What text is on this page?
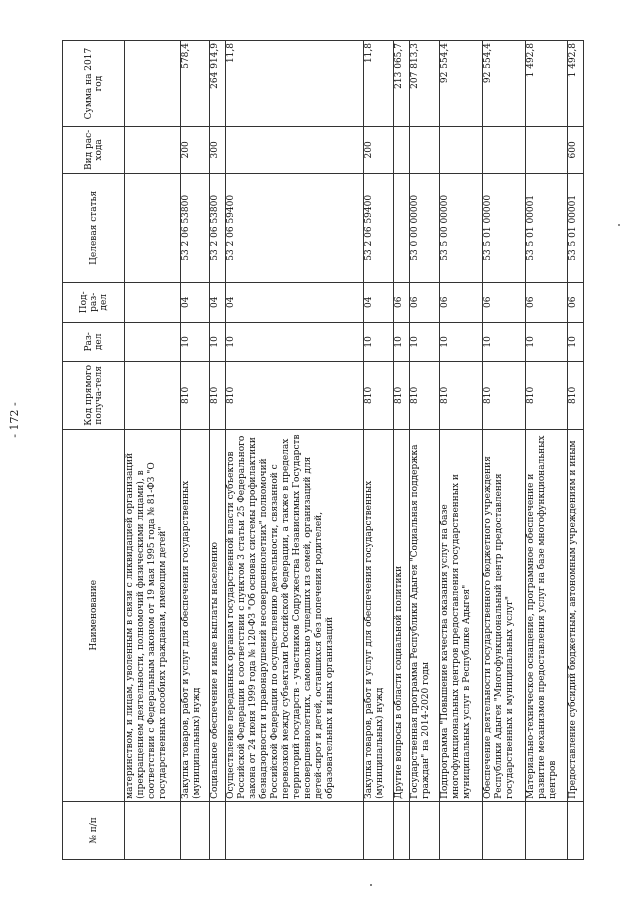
- 172 -
№ п/п	Наименование	Код прямого получа-теля	Раз-дел	Под-раз-дел	Целевая статья	Вид рас-хода	Сумма на 2017 год
	материнством, и лицам, уволенным в связи с ликвидацией организаций (прекращением деятельности, полномочий физическими лицами), в соответствии с Федеральным законом от 19 мая 1995 года № 81-ФЗ "О государственных пособиях гражданам, имеющим детей"						
	Закупка товаров, работ и услуг для обеспечения государственных (муниципальных) нужд	810	10	04	53 2 06 53800	200	578,4
	Социальное обеспечение и иные выплаты населению	810	10	04	53 2 06 53800	300	264 914,9
	Осуществление переданных органам государственной власти субъектов Российской Федерации в соответствии с пунктом 3 статьи 25 Федерального закона от 24 июня 1999 года № 120-ФЗ "Об основах системы профилактики безнадзорности и правонарушений несовершеннолетних" полномочий Российской Федерации по осуществлению деятельности, связанной с перевозкой между субъектами Российской Федерации, а также в пределах территорий государств - участников Содружества Независимых Государств несовершеннолетних, самовольно ушедших из семей, организаций для детей-сирот и детей, оставшихся без попечения родителей, образовательных и иных организаций	810	10	04	53 2 06 59400		11,8
	Закупка товаров, работ и услуг для обеспечения государственных (муниципальных) нужд	810	10	04	53 2 06 59400	200	11,8
	Другие вопросы в области социальной политики	810	10	06			213 065,7
	Государственная программа Республики Адыгея "Социальная поддержка граждан" на 2014-2020 годы	810	10	06	53 0 00 00000		207 813,3
	Подпрограмма "Повышение качества оказания услуг на базе многофункциональных центров предоставления государственных и муниципальных услуг в Республике Адыгея"	810	10	06	53 5 00 00000		92 554,4
	Обеспечение деятельности государственного бюджетного учреждения Республики Адыгея "Многофункциональный центр предоставления государственных и муниципальных услуг"	810	10	06	53 5 01 00000		92 554,4
	Материально-техническое оснащение, программное обеспечение и развитие механизмов предоставления услуг на базе многофункциональных центров	810	10	06	53 5 01 00001		1 492,8
	Предоставление субсидий бюджетным, автономным учреждениям и иным	810	10	06	53 5 01 00001	600	1 492,8
